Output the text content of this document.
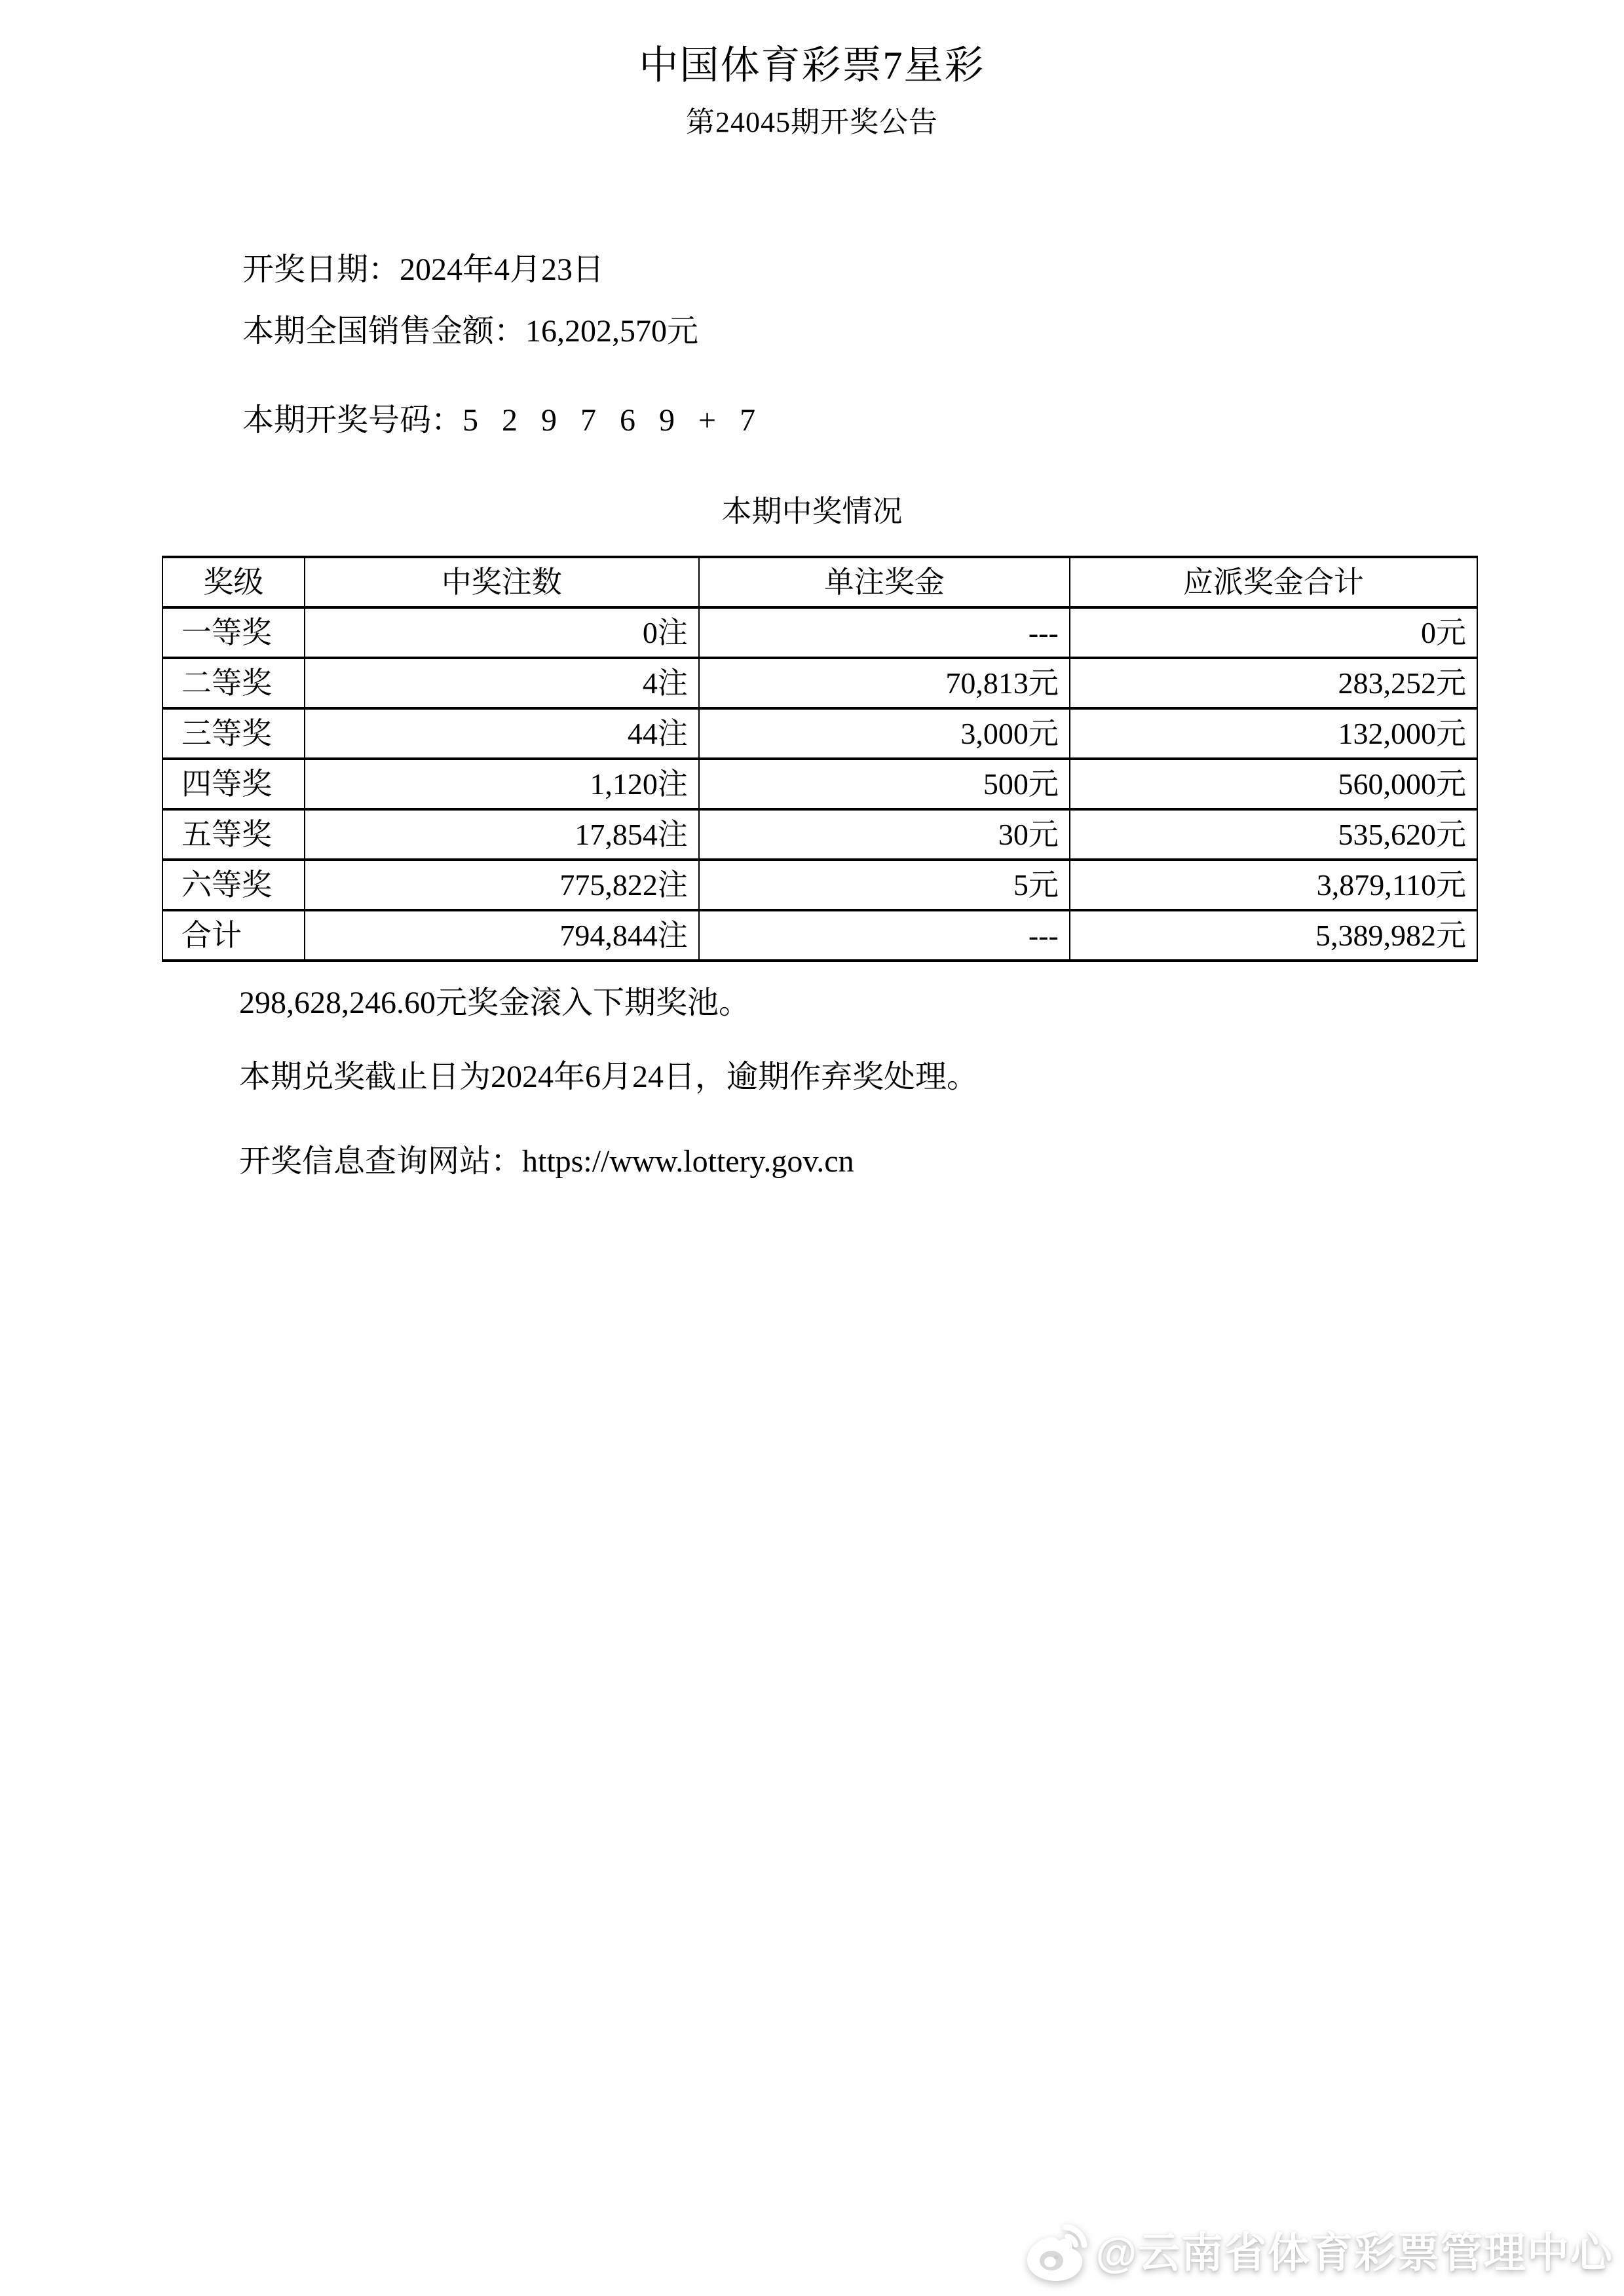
中国体育彩票7星彩
第24045期开奖公告
开奖日期：2024年4月23日
本期全国销售金额：16,202,570元
本期开奖号码：5 2 9 7 6 9 + 7
本期中奖情况
奖级	中奖注数	单注奖金	应派奖金合计
一等奖	0注	---	0元
二等奖	4注	70,813元	283,252元
三等奖	44注	3,000元	132,000元
四等奖	1,120注	500元	560,000元
五等奖	17,854注	30元	535,620元
六等奖	775,822注	5元	3,879,110元
合计	794,844注	---	5,389,982元
298,628,246.60元奖金滚入下期奖池。
本期兑奖截止日为2024年6月24日，逾期作弃奖处理。
开奖信息查询网站：https://www.lottery.gov.cn
@云南省体育彩票管理中心
